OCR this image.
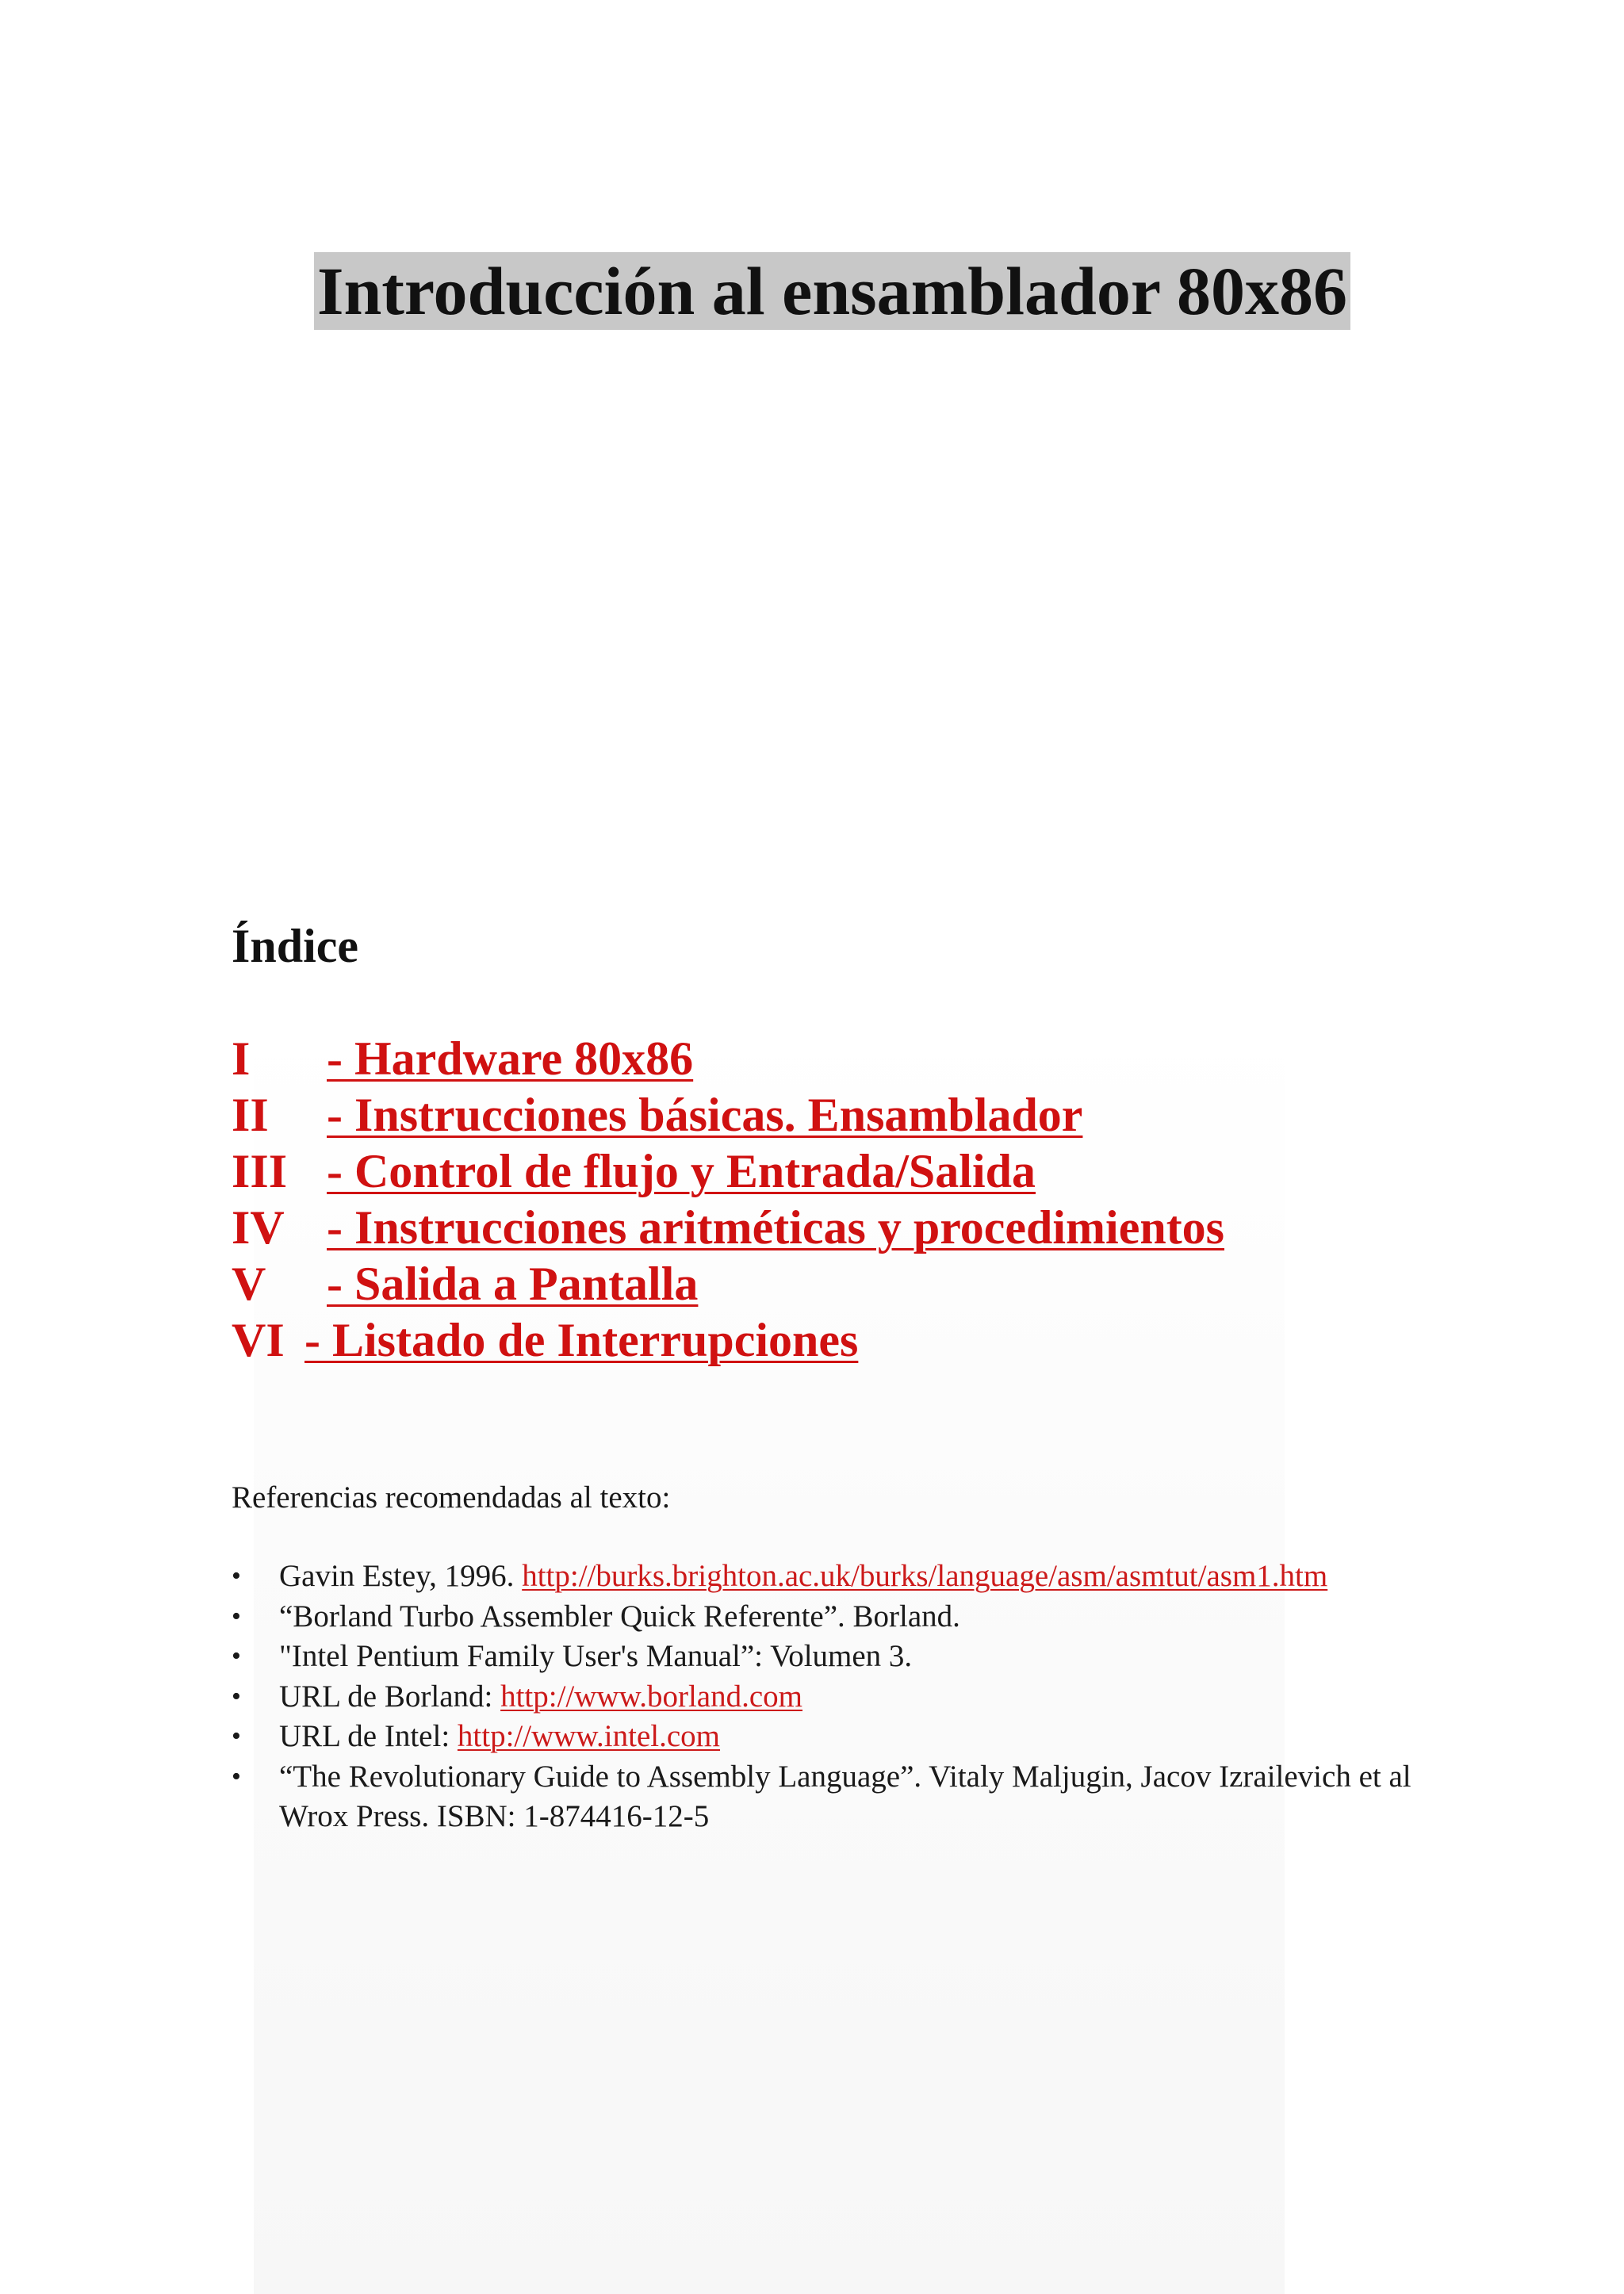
Introducción al ensamblador 80x86
Índice
I - Hardware 80x86
II - Instrucciones básicas. Ensamblador
III - Control de flujo y Entrada/Salida
IV - Instrucciones aritméticas y procedimientos
V - Salida a Pantalla
VI - Listado de Interrupciones

Referencias recomendadas al texto:

•	Gavin Estey, 1996. http://burks.brighton.ac.uk/burks/language/asm/asmtut/asm1.htm
•	“Borland Turbo Assembler Quick Referente”. Borland.
•	"Intel Pentium Family User's Manual”: Volumen 3.
•	URL de Borland: http://www.borland.com
•	URL de Intel: http://www.intel.com
•	“The Revolutionary Guide to Assembly Language”. Vitaly Maljugin, Jacov Izrailevich et al Wrox Press. ISBN: 1-874416-12-5
